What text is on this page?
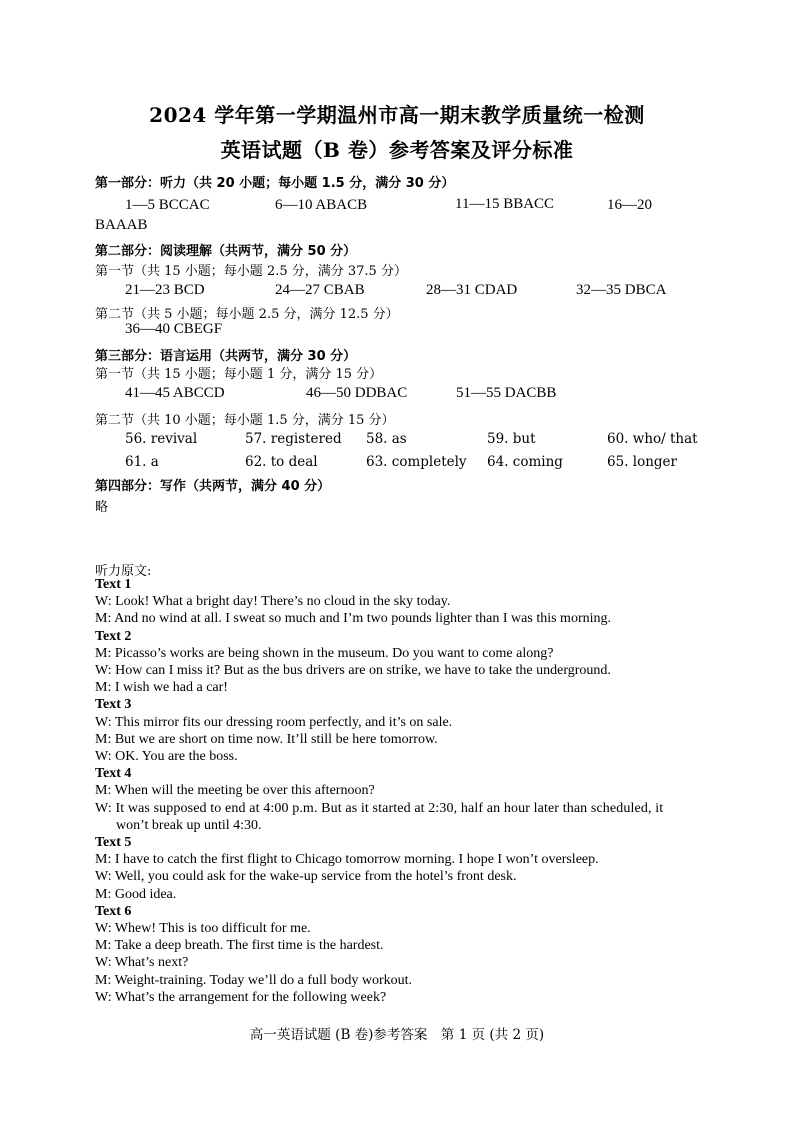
2024 学年第一学期温州市高一期末教学质量统一检测
英语试题（B 卷）参考答案及评分标准
第一部分：听力（共 20 小题；每小题 1.5 分，满分 30 分）
1—5 BCCAC	6—10 ABACB	11—15 BBACC	16—20
BAAAB
第二部分：阅读理解（共两节，满分 50 分）
第一节（共 15 小题；每小题 2.5 分，满分 37.5 分）
21—23 BCD	24—27 CBAB	28—31 CDAD	32—35 DBCA
第二节（共 5 小题；每小题 2.5 分，满分 12.5 分）
36—40 CBEGF
第三部分：语言运用（共两节，满分 30 分）
第一节（共 15 小题；每小题 1 分，满分 15 分）
41—45 ABCCD	46—50 DDBAC	51—55 DACBB
第二节（共 10 小题；每小题 1.5 分，满分 15 分）
56. revival	57. registered 58. as	59. but	60. who/ that
61. a	62. to deal	63. completely 64. coming	65. longer
第四部分：写作（共两节，满分 40 分）
略
听力原文:
Text 1
W: Look! What a bright day! There’s no cloud in the sky today.
M: And no wind at all. I sweat so much and I’m two pounds lighter than I was this morning.
Text 2
M: Picasso’s works are being shown in the museum. Do you want to come along?
W: How can I miss it? But as the bus drivers are on strike, we have to take the underground.
M: I wish we had a car!
Text 3
W: This mirror fits our dressing room perfectly, and it’s on sale.
M: But we are short on time now. It’ll still be here tomorrow.
W: OK. You are the boss.
Text 4
M: When will the meeting be over this afternoon?
W: It was supposed to end at 4:00 p.m. But as it started at 2:30, half an hour later than scheduled, it
won’t break up until 4:30.
Text 5
M: I have to catch the first flight to Chicago tomorrow morning. I hope I won’t oversleep.
W: Well, you could ask for the wake-up service from the hotel’s front desk.
M: Good idea.
Text 6
W: Whew! This is too difficult for me.
M: Take a deep breath. The first time is the hardest.
W: What’s next?
M: Weight-training. Today we’ll do a full body workout.
W: What’s the arrangement for the following week?
高一英语试题 (B 卷)参考答案　第 1 页 (共 2 页)
